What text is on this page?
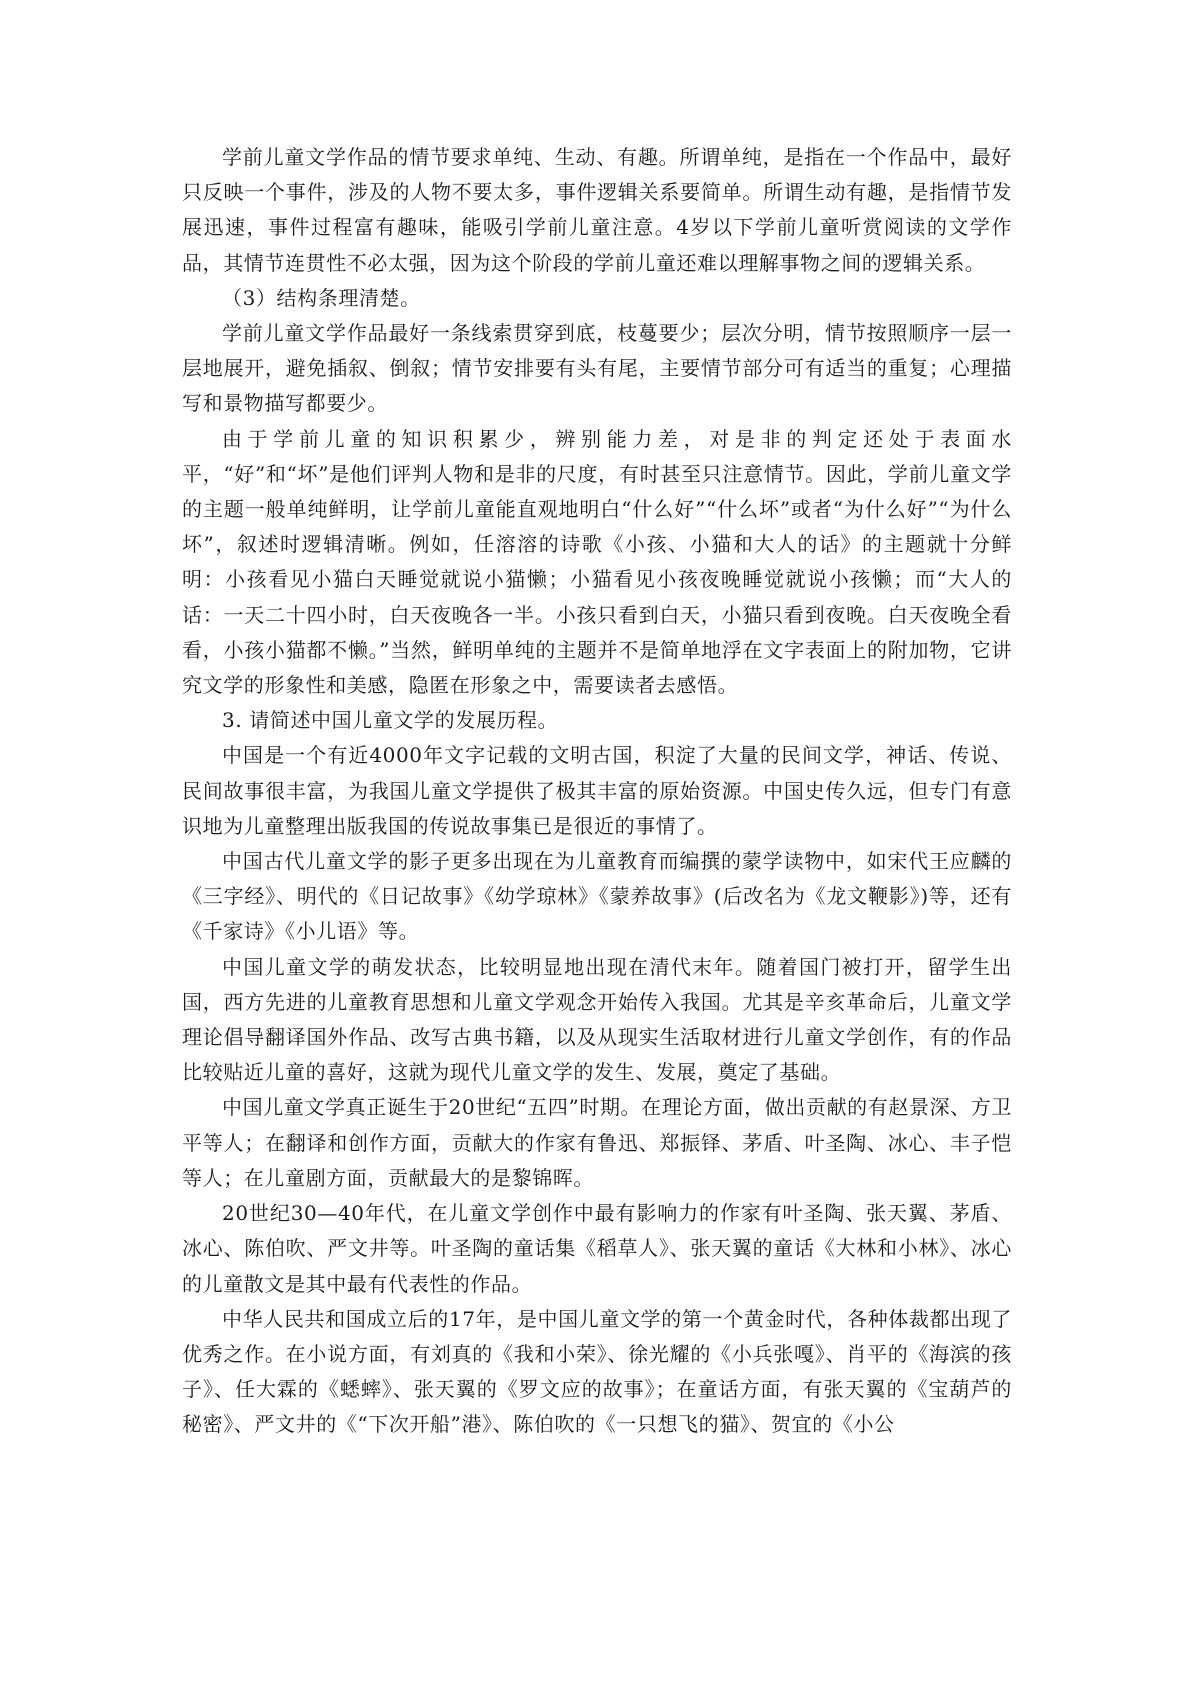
学前儿童文学作品的情节要求单纯、生动、有趣。所谓单纯，是指在一个作品中，最好只反映一个事件，涉及的人物不要太多，事件逻辑关系要简单。所谓生动有趣，是指情节发展迅速，事件过程富有趣味，能吸引学前儿童注意。4岁以下学前儿童听赏阅读的文学作品，其情节连贯性不必太强，因为这个阶段的学前儿童还难以理解事物之间的逻辑关系。

（3）结构条理清楚。

学前儿童文学作品最好一条线索贯穿到底，枝蔓要少；层次分明，情节按照顺序一层一层地展开，避免插叙、倒叙；情节安排要有头有尾，主要情节部分可有适当的重复；心理描写和景物描写都要少。

由于学前儿童的知识积累少，辨别能力差，对是非的判定还处于表面水平，“好”和“坏”是他们评判人物和是非的尺度，有时甚至只注意情节。因此，学前儿童文学的主题一般单纯鲜明，让学前儿童能直观地明白“什么好”“什么坏”或者“为什么好”“为什么坏”，叙述时逻辑清晰。例如，任溶溶的诗歌《小孩、小猫和大人的话》的主题就十分鲜明：小孩看见小猫白天睡觉就说小猫懒；小猫看见小孩夜晚睡觉就说小孩懒；而“大人的话：一天二十四小时，白天夜晚各一半。小孩只看到白天，小猫只看到夜晚。白天夜晚全看看，小孩小猫都不懒。”当然，鲜明单纯的主题并不是简单地浮在文字表面上的附加物，它讲究文学的形象性和美感，隐匿在形象之中，需要读者去感悟。

3. 请简述中国儿童文学的发展历程。

中国是一个有近4000年文字记载的文明古国，积淀了大量的民间文学，神话、传说、民间故事很丰富，为我国儿童文学提供了极其丰富的原始资源。中国史传久远，但专门有意识地为儿童整理出版我国的传说故事集已是很近的事情了。

中国古代儿童文学的影子更多出现在为儿童教育而编撰的蒙学读物中，如宋代王应麟的《三字经》、明代的《日记故事》《幼学琼林》《蒙养故事》(后改名为《龙文鞭影》)等，还有《千家诗》《小儿语》等。

中国儿童文学的萌发状态，比较明显地出现在清代末年。随着国门被打开，留学生出国，西方先进的儿童教育思想和儿童文学观念开始传入我国。尤其是辛亥革命后，儿童文学理论倡导翻译国外作品、改写古典书籍，以及从现实生活取材进行儿童文学创作，有的作品比较贴近儿童的喜好，这就为现代儿童文学的发生、发展，奠定了基础。

中国儿童文学真正诞生于20世纪“五四”时期。在理论方面，做出贡献的有赵景深、方卫平等人；在翻译和创作方面，贡献大的作家有鲁迅、郑振铎、茅盾、叶圣陶、冰心、丰子恺等人；在儿童剧方面，贡献最大的是黎锦晖。

20世纪30—40年代，在儿童文学创作中最有影响力的作家有叶圣陶、张天翼、茅盾、冰心、陈伯吹、严文井等。叶圣陶的童话集《稻草人》、张天翼的童话《大林和小林》、冰心的儿童散文是其中最有代表性的作品。

中华人民共和国成立后的17年，是中国儿童文学的第一个黄金时代，各种体裁都出现了优秀之作。在小说方面，有刘真的《我和小荣》、徐光耀的《小兵张嘎》、肖平的《海滨的孩子》、任大霖的《蟋蟀》、张天翼的《罗文应的故事》；在童话方面，有张天翼的《宝葫芦的秘密》、严文井的《“下次开船”港》、陈伯吹的《一只想飞的猫》、贺宜的《小公
